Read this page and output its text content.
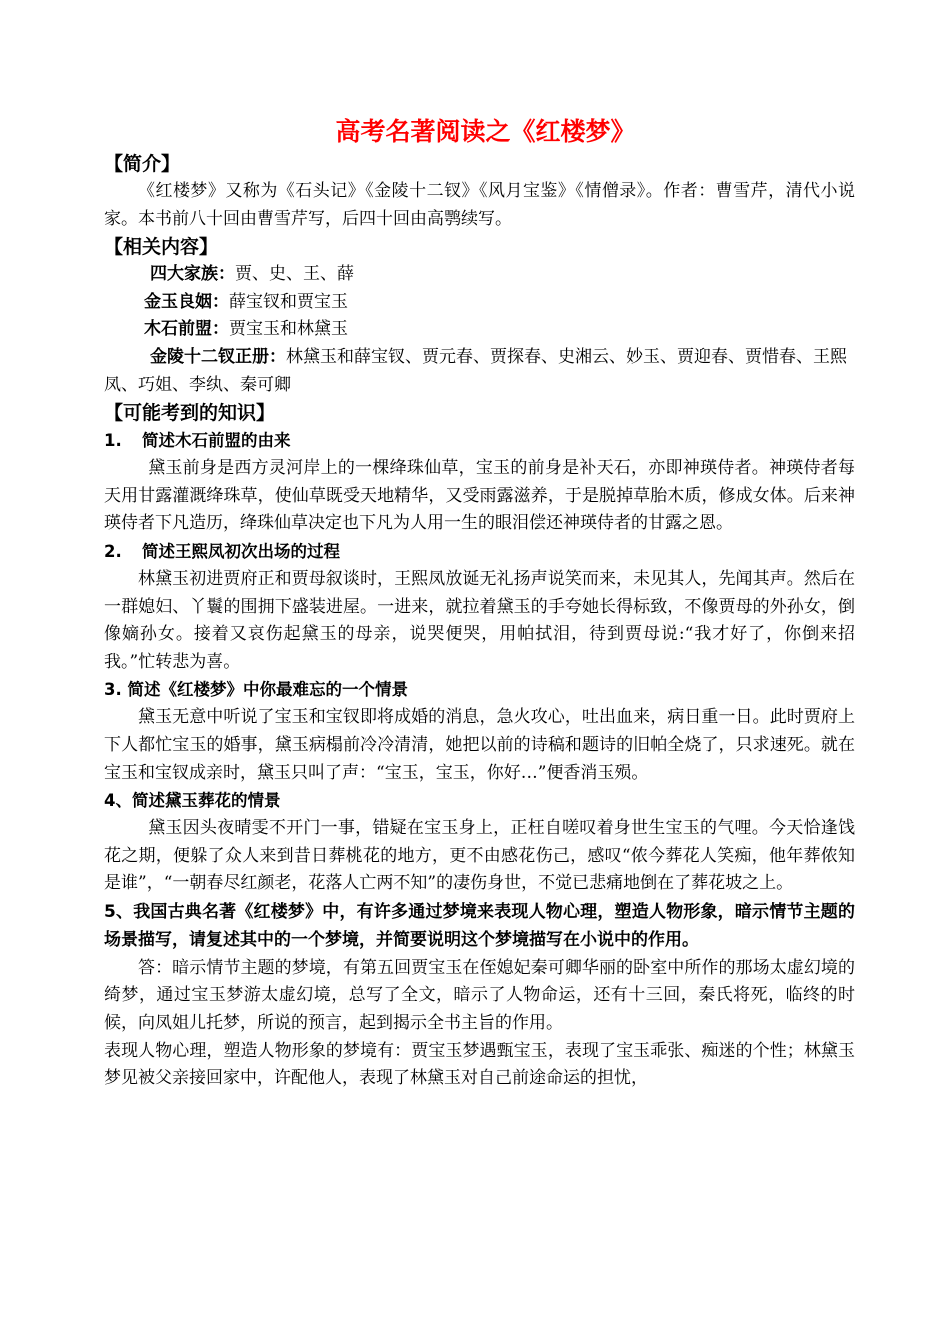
高考名著阅读之《红楼梦》

【简介】

《红楼梦》又称为《石头记》《金陵十二钗》《风月宝鉴》《情僧录》。作者：曹雪芹，清代小说家。本书前八十回由曹雪芹写，后四十回由高鹗续写。

【相关内容】

四大家族：贾、史、王、薛

金玉良姻：薛宝钗和贾宝玉

木石前盟：贾宝玉和林黛玉

金陵十二钗正册：林黛玉和薛宝钗、贾元春、贾探春、史湘云、妙玉、贾迎春、贾惜春、王熙凤、巧姐、李纨、秦可卿

【可能考到的知识】

1. 简述木石前盟的由来

黛玉前身是西方灵河岸上的一棵绛珠仙草，宝玉的前身是补天石，亦即神瑛侍者。神瑛侍者每天用甘露灌溉绛珠草，使仙草既受天地精华，又受雨露滋养，于是脱掉草胎木质，修成女体。后来神瑛侍者下凡造历，绛珠仙草决定也下凡为人用一生的眼泪偿还神瑛侍者的甘露之恩。

2. 简述王熙凤初次出场的过程

林黛玉初进贾府正和贾母叙谈时，王熙凤放诞无礼扬声说笑而来，未见其人，先闻其声。然后在一群媳妇、丫鬟的围拥下盛装进屋。一进来，就拉着黛玉的手夸她长得标致，不像贾母的外孙女，倒像嫡孙女。接着又哀伤起黛玉的母亲，说哭便哭，用帕拭泪，待到贾母说:“我才好了，你倒来招我。”忙转悲为喜。

3. 简述《红楼梦》中你最难忘的一个情景

黛玉无意中听说了宝玉和宝钗即将成婚的消息，急火攻心，吐出血来，病日重一日。此时贾府上下人都忙宝玉的婚事，黛玉病榻前冷冷清清，她把以前的诗稿和题诗的旧帕全烧了，只求速死。就在宝玉和宝钗成亲时，黛玉只叫了声：“宝玉，宝玉，你好…”便香消玉殒。

4、简述黛玉葬花的情景

黛玉因头夜晴雯不开门一事，错疑在宝玉身上，正枉自嗟叹着身世生宝玉的气哩。今天恰逢饯花之期，便躲了众人来到昔日葬桃花的地方，更不由感花伤己，感叹“侬今葬花人笑痴，他年葬侬知是谁”，“一朝春尽红颜老，花落人亡两不知”的凄伤身世，不觉已悲痛地倒在了葬花坡之上。

5、我国古典名著《红楼梦》中，有许多通过梦境来表现人物心理，塑造人物形象，暗示情节主题的场景描写，请复述其中的一个梦境，并简要说明这个梦境描写在小说中的作用。

答：暗示情节主题的梦境，有第五回贾宝玉在侄媳妃秦可卿华丽的卧室中所作的那场太虚幻境的绮梦，通过宝玉梦游太虚幻境，总写了全文，暗示了人物命运，还有十三回，秦氏将死，临终的时候，向凤姐儿托梦，所说的预言，起到揭示全书主旨的作用。

表现人物心理，塑造人物形象的梦境有：贾宝玉梦遇甄宝玉，表现了宝玉乖张、痴迷的个性；林黛玉梦见被父亲接回家中，许配他人，表现了林黛玉对自己前途命运的担忧，
